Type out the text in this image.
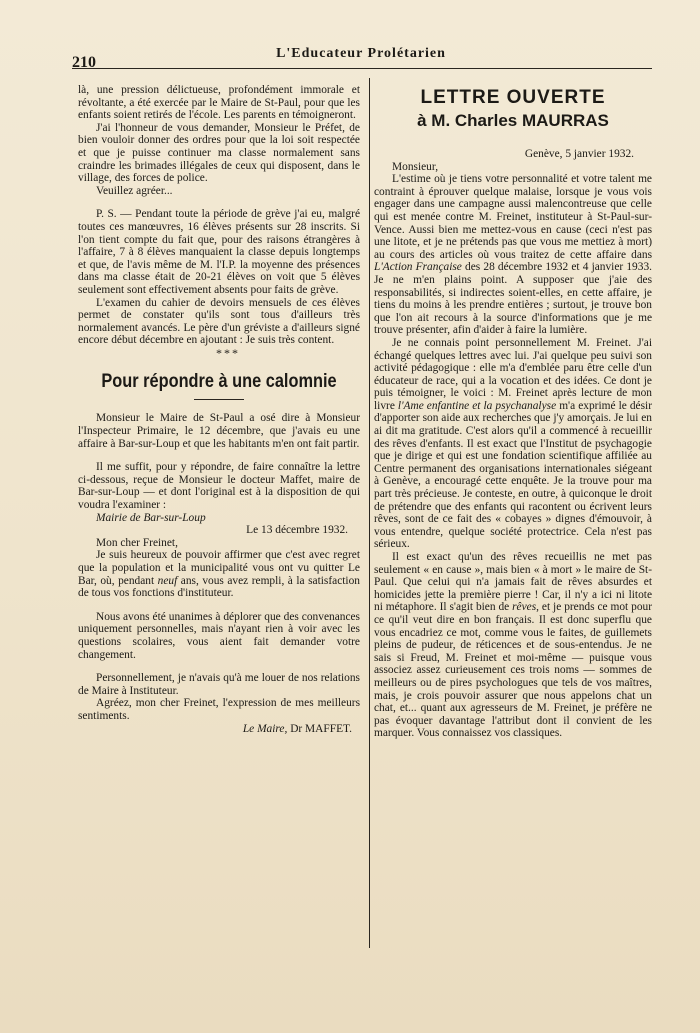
210
L'Educateur Prolétarien

là, une pression délictueuse, profondément immorale et révoltante, a été exercée par le Maire de St-Paul, pour que les enfants soient retirés de l'école. Les parents en témoigneront.

J'ai l'honneur de vous demander, Monsieur le Préfet, de bien vouloir donner des ordres pour que la loi soit respectée et que je puisse continuer ma classe normalement sans craindre les brimades illégales de ceux qui disposent, dans le village, des forces de police.

Veuillez agréer...

P. S. — Pendant toute la période de grève j'ai eu, malgré toutes ces manœuvres, 16 élèves présents sur 28 inscrits. Si l'on tient compte du fait que, pour des raisons étrangères à l'affaire, 7 à 8 élèves manquaient la classe depuis longtemps et que, de l'avis même de M. l'I.P. la moyenne des présences dans ma classe était de 20-21 élèves on voit que 5 élèves seulement sont effectivement absents pour faits de grève.

L'examen du cahier de devoirs mensuels de ces élèves permet de constater qu'ils sont tous d'ailleurs très normalement avancés. Le père d'un gréviste a d'ailleurs signé encore début décembre en ajoutant : Je suis très content.

***

Pour répondre à une calomnie

Monsieur le Maire de St-Paul a osé dire à Monsieur l'Inspecteur Primaire, le 12 décembre, que j'avais eu une affaire à Bar-sur-Loup et que les habitants m'en ont fait partir.

Il me suffit, pour y répondre, de faire connaître la lettre ci-dessous, reçue de Monsieur le docteur Maffet, maire de Bar-sur-Loup — et dont l'original est à la disposition de qui voudra l'examiner :

Mairie de Bar-sur-Loup

Le 13 décembre 1932.

Mon cher Freinet,

Je suis heureux de pouvoir affirmer que c'est avec regret que la population et la municipalité vous ont vu quitter Le Bar, où, pendant neuf ans, vous avez rempli, à la satisfaction de tous vos fonctions d'instituteur.

Nous avons été unanimes à déplorer que des convenances uniquement personnelles, mais n'ayant rien à voir avec les questions scolaires, vous aient fait demander votre changement.

Personnellement, je n'avais qu'à me louer de nos relations de Maire à Instituteur.

Agréez, mon cher Freinet, l'expression de mes meilleurs sentiments.

Le Maire, Dr MAFFET.

LETTRE OUVERTE
à M. Charles MAURRAS

Genève, 5 janvier 1932.

Monsieur,

L'estime où je tiens votre personnalité et votre talent me contraint à éprouver quelque malaise, lorsque je vous vois engager dans une campagne aussi malencontreuse que celle qui est menée contre M. Freinet, instituteur à St-Paul-sur-Vence. Aussi bien me mettez-vous en cause (ceci n'est pas une litote, et je ne prétends pas que vous me mettiez à mort) au cours des articles où vous traitez de cette affaire dans L'Action Française des 28 décembre 1932 et 4 janvier 1933. Je ne m'en plains point. A supposer que j'aie des responsabilités, si indirectes soient-elles, en cette affaire, je tiens du moins à les prendre entières ; surtout, je trouve bon que l'on ait recours à la source d'informations que je me trouve présenter, afin d'aider à faire la lumière.

Je ne connais point personnellement M. Freinet. J'ai échangé quelques lettres avec lui. J'ai quelque peu suivi son activité pédagogique : elle m'a d'emblée paru être celle d'un éducateur de race, qui a la vocation et des idées. Ce dont je puis témoigner, le voici : M. Freinet après lecture de mon livre l'Ame enfantine et la psychanalyse m'a exprimé le désir d'apporter son aide aux recherches que j'y amorçais. Je lui en ai dit ma gratitude. C'est alors qu'il a commencé à recueillir des rêves d'enfants. Il est exact que l'Institut de psychagogie que je dirige et qui est une fondation scientifique affiliée au Centre permanent des organisations internationales siégeant à Genève, a encouragé cette enquête. Je la trouve pour ma part très précieuse. Je conteste, en outre, à quiconque le droit de prétendre que des enfants qui racontent ou écrivent leurs rêves, sont de ce fait des « cobayes » dignes d'émouvoir, à vous entendre, quelque société protectrice. Cela n'est pas sérieux.

Il est exact qu'un des rêves recueillis ne met pas seulement « en cause », mais bien « à mort » le maire de St-Paul. Que celui qui n'a jamais fait de rêves absurdes et homicides jette la première pierre ! Car, il n'y a ici ni litote ni métaphore. Il s'agit bien de rêves, et je prends ce mot pour ce qu'il veut dire en bon français. Il est donc superflu que vous encadriez ce mot, comme vous le faites, de guillemets pleins de pudeur, de réticences et de sous-entendus. Je ne sais si Freud, M. Freinet et moi-même — puisque vous associez assez curieusement ces trois noms — sommes de meilleurs ou de pires psychologues que tels de vos maîtres, mais, je crois pouvoir assurer que nous appelons chat un chat, et... quant aux agresseurs de M. Freinet, je préfère ne pas évoquer davantage l'attribut dont il convient de les marquer. Vous connaissez vos classiques.
